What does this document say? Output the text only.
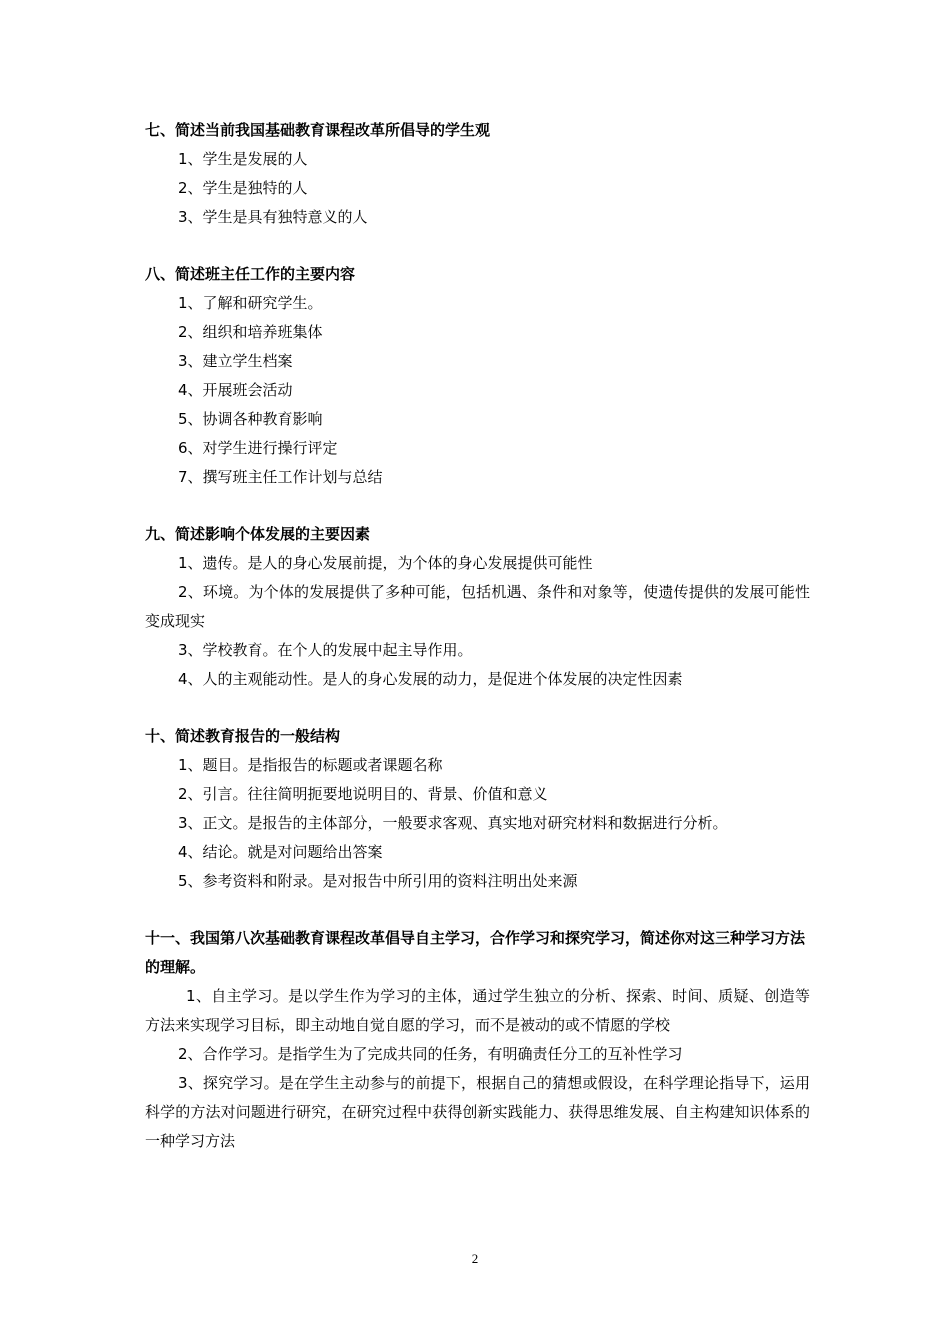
七、简述当前我国基础教育课程改革所倡导的学生观

1、学生是发展的人

2、学生是独特的人

3、学生是具有独特意义的人

八、简述班主任工作的主要内容

1、了解和研究学生。

2、组织和培养班集体

3、建立学生档案

4、开展班会活动

5、协调各种教育影响

6、对学生进行操行评定

7、撰写班主任工作计划与总结

九、简述影响个体发展的主要因素

1、遗传。是人的身心发展前提，为个体的身心发展提供可能性

2、环境。为个体的发展提供了多种可能，包括机遇、条件和对象等，使遗传提供的发展可能性变成现实

3、学校教育。在个人的发展中起主导作用。

4、人的主观能动性。是人的身心发展的动力，是促进个体发展的决定性因素

十、简述教育报告的一般结构

1、题目。是指报告的标题或者课题名称

2、引言。往往简明扼要地说明目的、背景、价值和意义

3、正文。是报告的主体部分，一般要求客观、真实地对研究材料和数据进行分析。

4、结论。就是对问题给出答案

5、参考资料和附录。是对报告中所引用的资料注明出处来源

十一、我国第八次基础教育课程改革倡导自主学习，合作学习和探究学习，简述你对这三种学习方法的理解。

1、自主学习。是以学生作为学习的主体，通过学生独立的分析、探索、时间、质疑、创造等方法来实现学习目标，即主动地自觉自愿的学习，而不是被动的或不情愿的学校

2、合作学习。是指学生为了完成共同的任务，有明确责任分工的互补性学习

3、探究学习。是在学生主动参与的前提下，根据自己的猜想或假设，在科学理论指导下，运用科学的方法对问题进行研究，在研究过程中获得创新实践能力、获得思维发展、自主构建知识体系的一种学习方法

2
